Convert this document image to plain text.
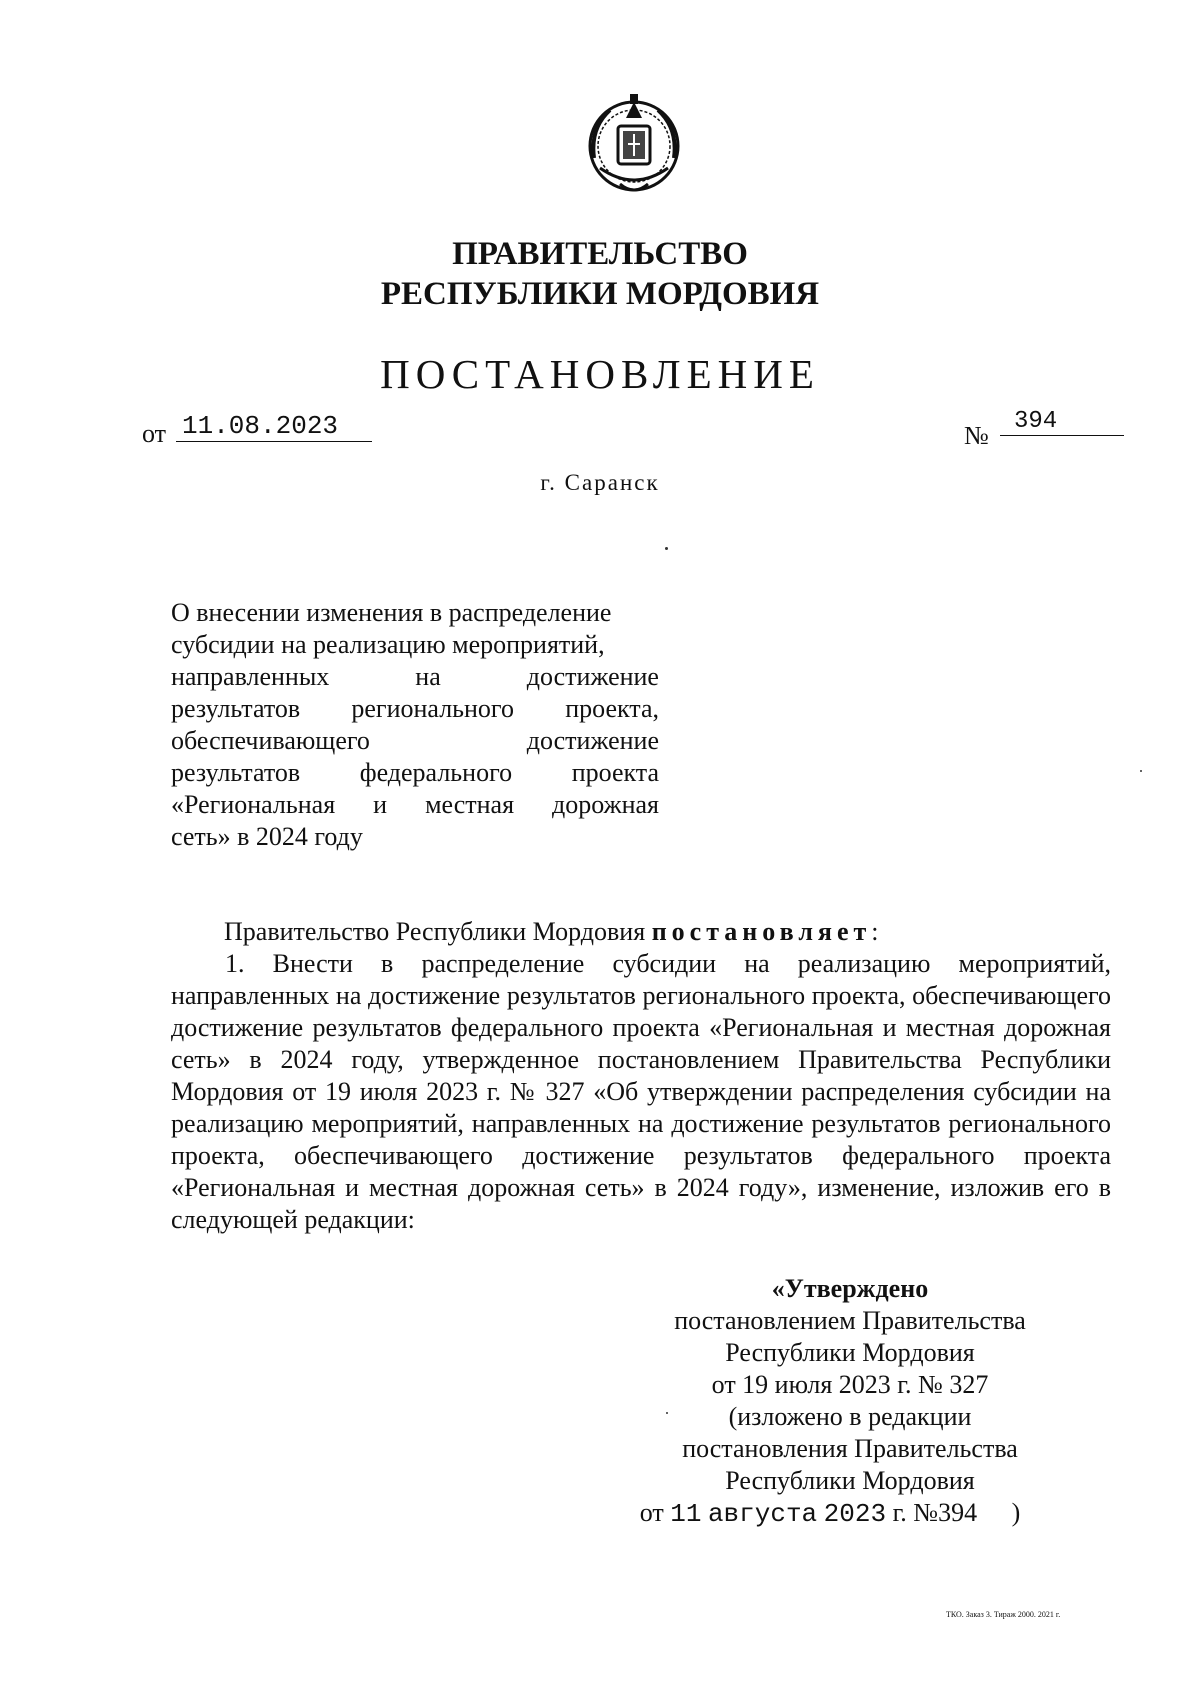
ПРАВИТЕЛЬСТВО
РЕСПУБЛИКИ МОРДОВИЯ
ПОСТАНОВЛЕНИЕ
от 11.08.2023	№	394
г. Саранск
О внесении изменения в распределение
субсидии на реализацию мероприятий,
направленных	на	достижение
результатов регионального проекта,
обеспечивающего	достижение
результатов федерального проекта
«Региональная и местная дорожная
сеть» в 2024 году

Правительство Республики Мордовия постановляет:

1. Внести в распределение субсидии на реализацию мероприятий, направленных на достижение результатов регионального проекта, обеспечивающего достижение результатов федерального проекта «Региональная и местная дорожная сеть» в 2024 году, утвержденное постановлением Правительства Республики Мордовия от 19 июля 2023 г. № 327 «Об утверждении распределения субсидии на реализацию мероприятий, направленных на достижение результатов регионального проекта, обеспечивающего достижение результатов федерального проекта «Региональная и местная дорожная сеть» в 2024 году», изменение, изложив его в следующей редакции:

«Утверждено
постановлением Правительства
Республики Мордовия
от 19 июля 2023 г. № 327
(изложено в редакции
постановления Правительства
Республики Мордовия
от 11 августа 2023 г. №394 )
ТКО. Заказ 3. Тираж 2000. 2021 г.
